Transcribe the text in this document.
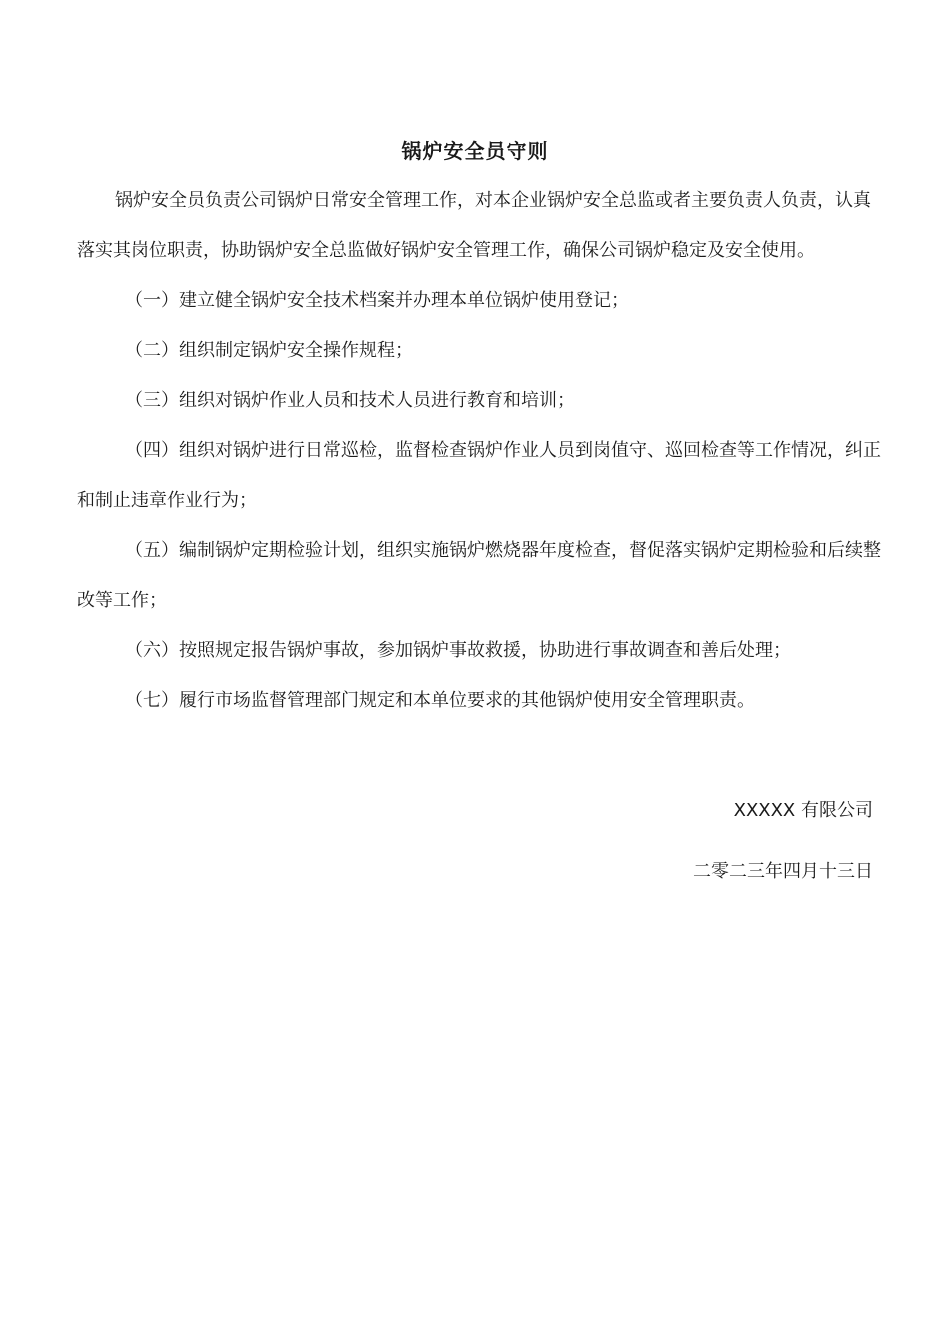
锅炉安全员守则

锅炉安全员负责公司锅炉日常安全管理工作，对本企业锅炉安全总监或者主要负责人负责，认真落实其岗位职责，协助锅炉安全总监做好锅炉安全管理工作，确保公司锅炉稳定及安全使用。

（一）建立健全锅炉安全技术档案并办理本单位锅炉使用登记；

（二）组织制定锅炉安全操作规程；

（三）组织对锅炉作业人员和技术人员进行教育和培训；

（四）组织对锅炉进行日常巡检，监督检查锅炉作业人员到岗值守、巡回检查等工作情况，纠正和制止违章作业行为；

（五）编制锅炉定期检验计划，组织实施锅炉燃烧器年度检查，督促落实锅炉定期检验和后续整改等工作；

（六）按照规定报告锅炉事故，参加锅炉事故救援，协助进行事故调查和善后处理；

（七）履行市场监督管理部门规定和本单位要求的其他锅炉使用安全管理职责。

XXXXX 有限公司
二零二三年四月十三日
